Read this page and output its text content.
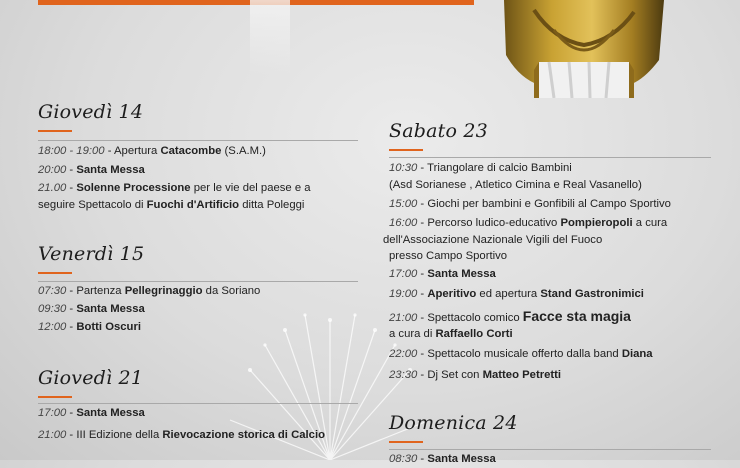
Giovedì 14
18:00 - 19:00 - Apertura Catacombe (S.A.M.)
20:00 - Santa Messa
21.00 - Solenne Processione per le vie del paese e a
seguire Spettacolo di Fuochi d'Artificio ditta Poleggi
Venerdì 15
07:30 - Partenza Pellegrinaggio da Soriano
09:30 - Santa Messa
12:00 - Botti Oscuri
Giovedì 21
17:00 - Santa Messa
21:00 - III Edizione della Rievocazione storica di Calcio
Sabato 23
10:30 - Triangolare di calcio Bambini
(Asd Sorianese , Atletico Cimina e Real Vasanello)
15:00 - Giochi per bambini e Gonfibili al Campo Sportivo
16:00 - Percorso ludico-educativo Pompieropoli a cura
dell'Associazione Nazionale Vigili del Fuoco
presso Campo Sportivo
17:00 - Santa Messa
19:00 - Aperitivo ed apertura Stand Gastronimici
21:00 - Spettacolo comico Facce sta magia
a cura di Raffaello Corti
22:00 - Spettacolo musicale offerto dalla band Diana
23:30 - Dj Set con Matteo Petretti
Domenica 24
08:30 - Santa Messa
